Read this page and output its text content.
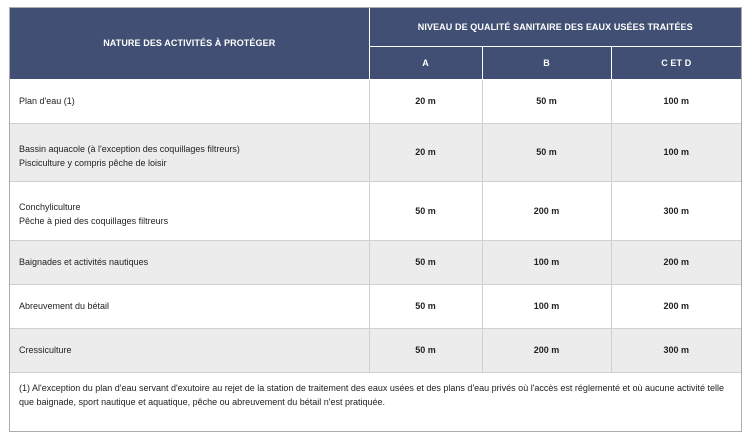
NATURE DES ACTIVITÉS À PROTÉGER	NIVEAU DE QUALITÉ SANITAIRE DES EAUX USÉES TRAITÉES		
	A	B	C ET D
Plan d'eau (1)	20 m	50 m	100 m

Bassin aquacole (à l'exception des coquillages filtreurs)
Pisciculture y compris pêche de loisir	20 m	50 m	100 m

Conchyliculture
Pêche à pied des coquillages filtreurs	50 m	200 m	300 m
Baignades et activités nautiques	50 m	100 m	200 m
Abreuvement du bétail	50 m	100 m	200 m
Cressiculture	50 m	200 m	300 m
(1) Al'exception du plan d'eau servant d'exutoire au rejet de la station de traitement des eaux usées et des plans d'eau privés où l'accès est réglementé et où aucune activité telle que baignade, sport nautique et aquatique, pêche ou abreuvement du bétail n'est pratiquée.			
